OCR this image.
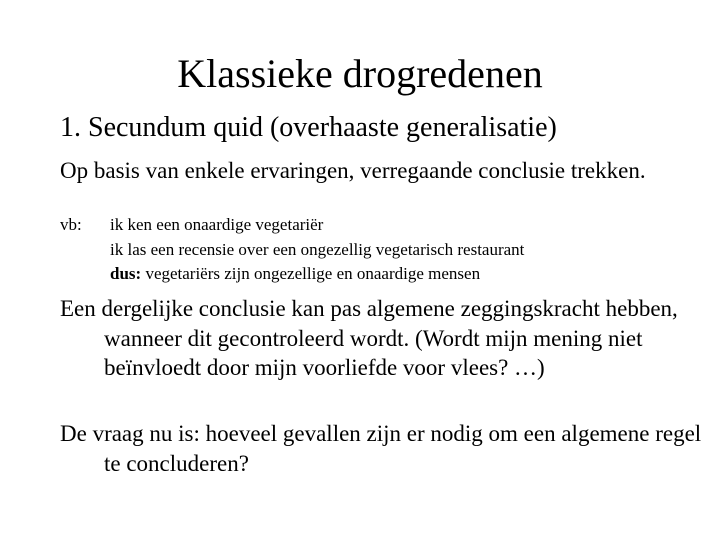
Klassieke drogredenen
1. Secundum quid (overhaaste generalisatie)

Op basis van enkele ervaringen, verregaande conclusie trekken.

vb: ik ken een onaardige vegetariër
ik las een recensie over een ongezellig vegetarisch restaurant
dus: vegetariërs zijn ongezellige en onaardige mensen

Een dergelijke conclusie kan pas algemene zeggingskracht hebben, wanneer dit gecontroleerd wordt. (Wordt mijn mening niet beïnvloedt door mijn voorliefde voor vlees? …)

De vraag nu is: hoeveel gevallen zijn er nodig om een algemene regel te concluderen?
